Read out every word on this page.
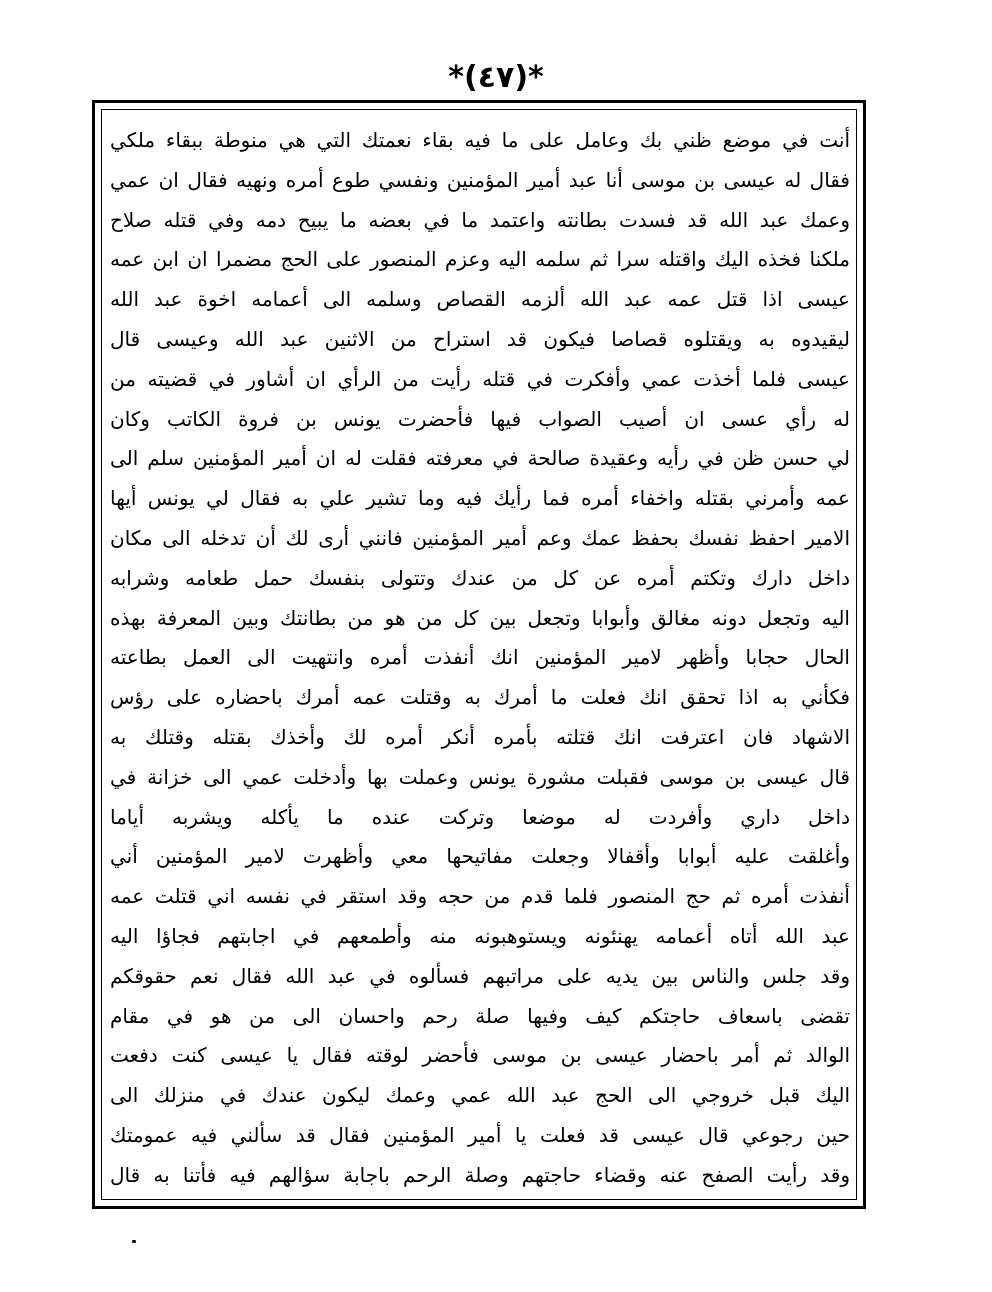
*(٤٧)*
أنت في موضع ظني بك وعامل على ما فيه بقاء نعمتك التي هي منوطة ببقاء ملكي
فقال له عيسى بن موسى أنا عبد أمير المؤمنين ونفسي طوع أمره ونهيه فقال ان عمي
وعمك عبد الله قد فسدت بطانته واعتمد ما في بعضه ما يبيح دمه وفي قتله صلاح
ملكنا فخذه اليك واقتله سرا ثم سلمه اليه وعزم المنصور على الحج مضمرا ان ابن عمه
عيسى اذا قتل عمه عبد الله ألزمه القصاص وسلمه الى أعمامه اخوة عبد الله
ليقيدوه به ويقتلوه قصاصا فيكون قد استراح من الاثنين عبد الله وعيسى قال
عيسى فلما أخذت عمي وأفكرت في قتله رأيت من الرأي ان أشاور في قضيته من
له رأي عسى ان أصيب الصواب فيها فأحضرت يونس بن فروة الكاتب وكان
لي حسن ظن في رأيه وعقيدة صالحة في معرفته فقلت له ان أمير المؤمنين سلم الى
عمه وأمرني بقتله واخفاء أمره فما رأيك فيه وما تشير علي به فقال لي يونس أيها
الامير احفظ نفسك بحفظ عمك وعم أمير المؤمنين فانني أرى لك أن تدخله الى مكان
داخل دارك وتكتم أمره عن كل من عندك وتتولى بنفسك حمل طعامه وشرابه
اليه وتجعل دونه مغالق وأبوابا وتجعل بين كل من هو من بطانتك وبين المعرفة بهذه
الحال حجابا وأظهر لامير المؤمنين انك أنفذت أمره وانتهيت الى العمل بطاعته
فكأني به اذا تحقق انك فعلت ما أمرك به وقتلت عمه أمرك باحضاره على رؤس
الاشهاد فان اعترفت انك قتلته بأمره أنكر أمره لك وأخذك بقتله وقتلك به
قال عيسى بن موسى فقبلت مشورة يونس وعملت بها وأدخلت عمي الى خزانة في
داخل داري وأفردت له موضعا وتركت عنده ما يأكله ويشربه أياما
وأغلقت عليه أبوابا وأقفالا وجعلت مفاتيحها معي وأظهرت لامير المؤمنين أني
أنفذت أمره ثم حج المنصور فلما قدم من حجه وقد استقر في نفسه اني قتلت عمه
عبد الله أتاه أعمامه يهنئونه ويستوهبونه منه وأطمعهم في اجابتهم فجاؤا اليه
وقد جلس والناس بين يديه على مراتبهم فسألوه في عبد الله فقال نعم حقوقكم
تقضى باسعاف حاجتكم كيف وفيها صلة رحم واحسان الى من هو في مقام
الوالد ثم أمر باحضار عيسى بن موسى فأحضر لوقته فقال يا عيسى كنت دفعت
اليك قبل خروجي الى الحج عبد الله عمي وعمك ليكون عندك في منزلك الى
حين رجوعي قال عيسى قد فعلت يا أمير المؤمنين فقال قد سألني فيه عمومتك
وقد رأيت الصفح عنه وقضاء حاجتهم وصلة الرحم باجابة سؤالهم فيه فأتنا به قال
